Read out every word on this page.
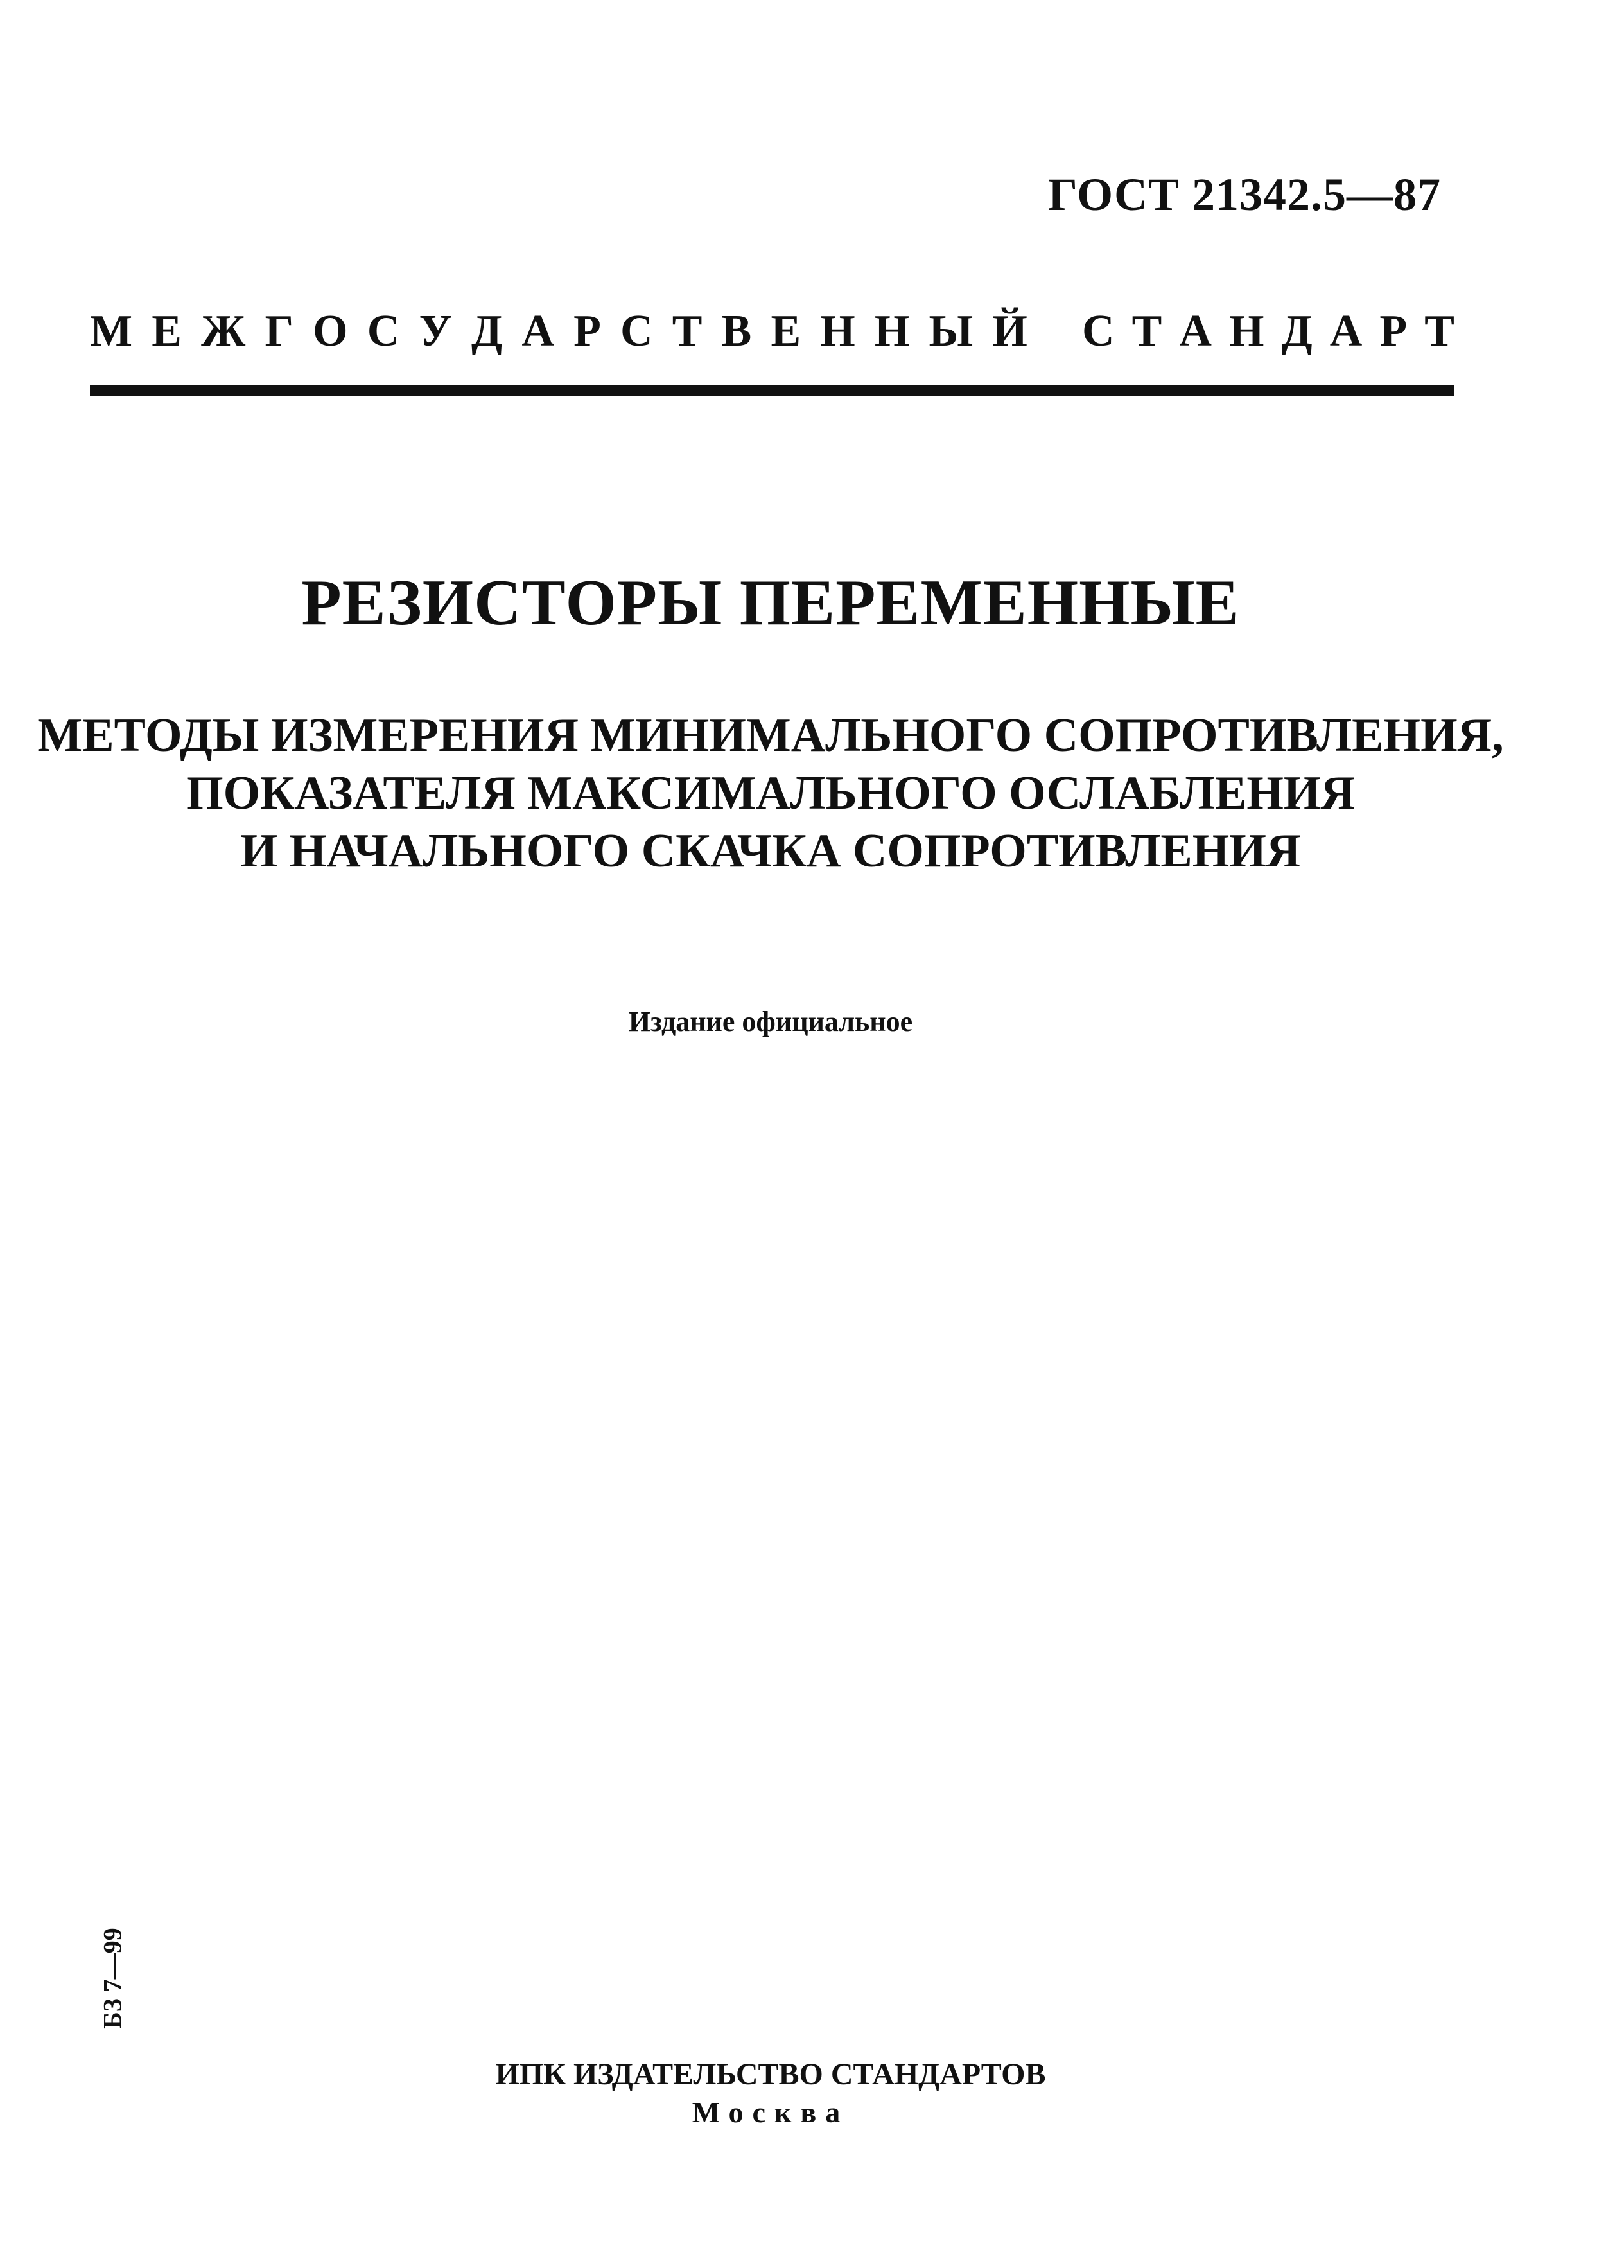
ГОСТ 21342.5—87
М Е Ж Г О С У Д А Р С Т В Е Н Н Ы Й С Т А Н Д А Р Т
РЕЗИСТОРЫ ПЕРЕМЕННЫЕ
МЕТОДЫ ИЗМЕРЕНИЯ МИНИМАЛЬНОГО СОПРОТИВЛЕНИЯ,
ПОКАЗАТЕЛЯ МАКСИМАЛЬНОГО ОСЛАБЛЕНИЯ
И НАЧАЛЬНОГО СКАЧКА СОПРОТИВЛЕНИЯ
Издание официальное
БЗ 7—99
ИПК ИЗДАТЕЛЬСТВО СТАНДАРТОВ
Москва
